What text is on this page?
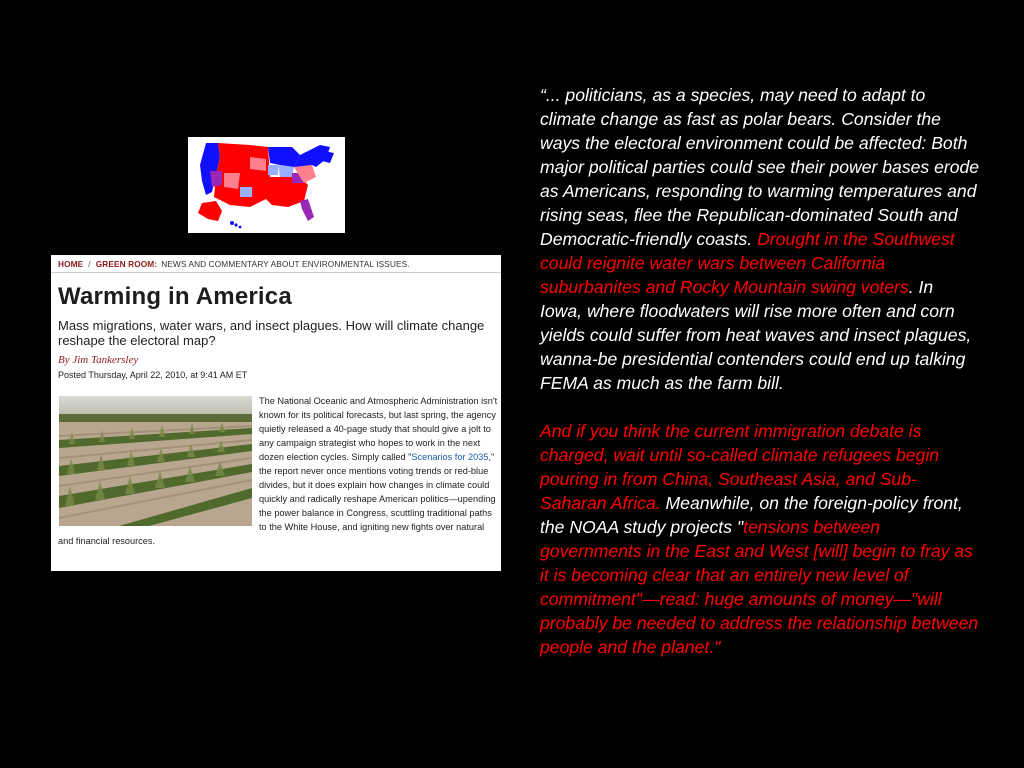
HOME / GREEN ROOM: NEWS AND COMMENTARY ABOUT ENVIRONMENTAL ISSUES.
Warming in America

Mass migrations, water wars, and insect plagues. How will climate change reshape the electoral map?

By Jim Tankersley
Posted Thursday, April 22, 2010, at 9:41 AM ET

The National Oceanic and Atmospheric Administration isn't known for its political forecasts, but last spring, the agency quietly released a 40-page study that should give a jolt to any campaign strategist who hopes to work in the next dozen election cycles. Simply called "Scenarios for 2035," the report never once mentions voting trends or red-blue divides, but it does explain how changes in climate could quickly and radically reshape American politics—upending the power balance in Congress, scuttling traditional paths to the White House, and igniting new fights over natural and financial resources.

“... politicians, as a species, may need to adapt to climate change as fast as polar bears. Consider the ways the electoral environment could be affected: Both major political parties could see their power bases erode as Americans, responding to warming temperatures and rising seas, flee the Republican-dominated South and Democratic-friendly coasts. Drought in the Southwest could reignite water wars between California suburbanites and Rocky Mountain swing voters. In Iowa, where floodwaters will rise more often and corn yields could suffer from heat waves and insect plagues, wanna-be presidential contenders could end up talking FEMA as much as the farm bill.

And if you think the current immigration debate is charged, wait until so-called climate refugees begin pouring in from China, Southeast Asia, and Sub-Saharan Africa. Meanwhile, on the foreign-policy front, the NOAA study projects "tensions between governments in the East and West [will] begin to fray as it is becoming clear that an entirely new level of commitment"—read: huge amounts of money—"will probably be needed to address the relationship between people and the planet."
